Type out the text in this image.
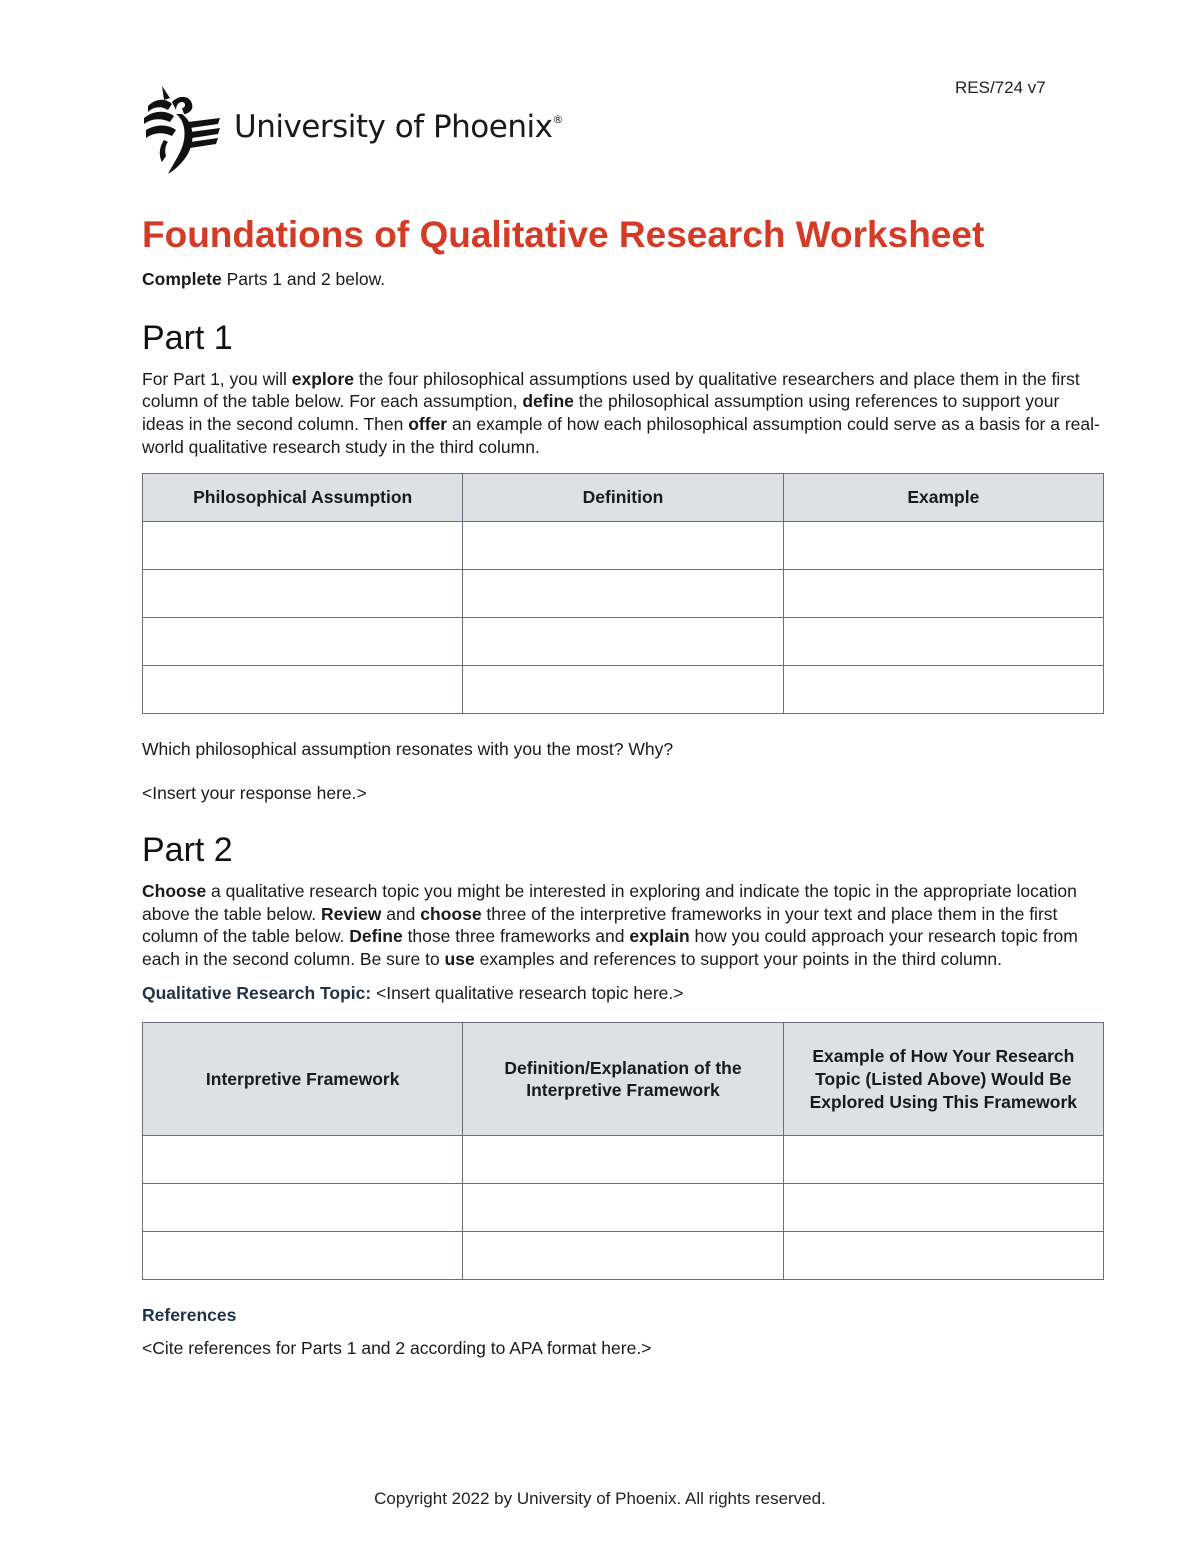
RES/724 v7
University of Phoenix®
Foundations of Qualitative Research Worksheet

Complete Parts 1 and 2 below.

Part 1

For Part 1, you will explore the four philosophical assumptions used by qualitative researchers and place them in the first column of the table below. For each assumption, define the philosophical assumption using references to support your ideas in the second column. Then offer an example of how each philosophical assumption could serve as a basis for a real-world qualitative research study in the third column.

Philosophical Assumption	Definition	Example

Which philosophical assumption resonates with you the most? Why?

<Insert your response here.>

Part 2

Choose a qualitative research topic you might be interested in exploring and indicate the topic in the appropriate location above the table below. Review and choose three of the interpretive frameworks in your text and place them in the first column of the table below. Define those three frameworks and explain how you could approach your research topic from each in the second column. Be sure to use examples and references to support your points in the third column.

Qualitative Research Topic: <Insert qualitative research topic here.>

Interpretive Framework	Definition/Explanation of the Interpretive Framework	Example of How Your Research Topic (Listed Above) Would Be Explored Using This Framework

References

<Cite references for Parts 1 and 2 according to APA format here.>

Copyright 2022 by University of Phoenix. All rights reserved.
